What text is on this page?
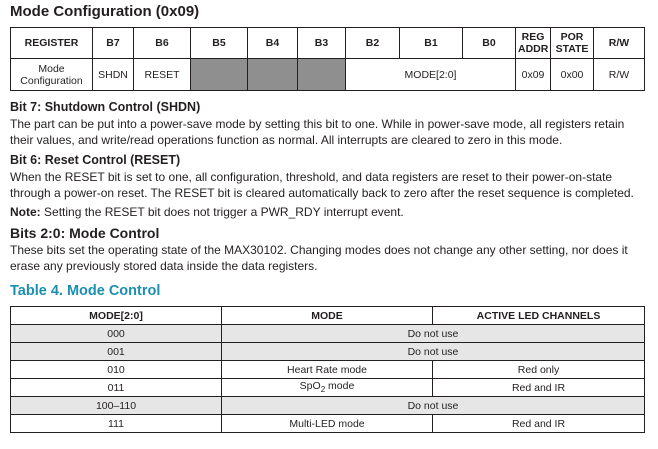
Mode Configuration (0x09)
REGISTER	B7	B6	B5	B4	B3	B2	B1	B0	REG ADDR	POR STATE	R/W
Mode Configuration	SHDN	RESET				MODE[2:0]			0x09	0x00	R/W
Bit 7: Shutdown Control (SHDN)

The part can be put into a power-save mode by setting this bit to one. While in power-save mode, all registers retain their values, and write/read operations function as normal. All interrupts are cleared to zero in this mode.

Bit 6: Reset Control (RESET)

When the RESET bit is set to one, all configuration, threshold, and data registers are reset to their power-on-state through a power-on reset. The RESET bit is cleared automatically back to zero after the reset sequence is completed.

Note: Setting the RESET bit does not trigger a PWR_RDY interrupt event.

Bits 2:0: Mode Control

These bits set the operating state of the MAX30102. Changing modes does not change any other setting, nor does it erase any previously stored data inside the data registers.

Table 4. Mode Control
MODE[2:0]	MODE	ACTIVE LED CHANNELS
000	Do not use	
001	Do not use	
010	Heart Rate mode	Red only
011	SpO$_2$ mode	Red and IR
100–110	Do not use	
111	Multi-LED mode	Red and IR
